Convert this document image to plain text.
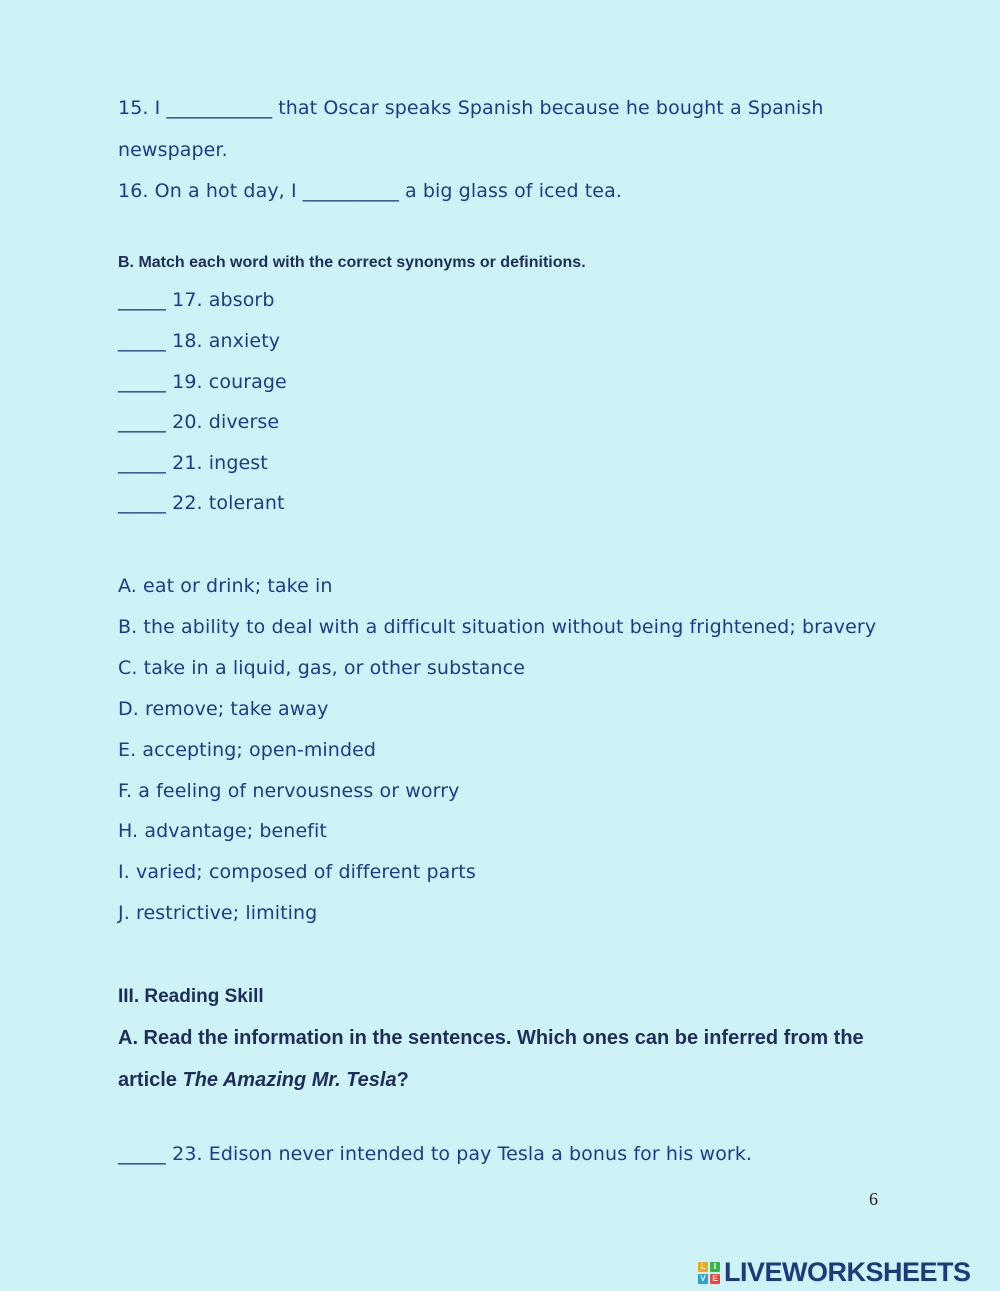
15. I ___________ that Oscar speaks Spanish because he bought a Spanish
newspaper.
16. On a hot day, I __________ a big glass of iced tea.
B. Match each word with the correct synonyms or definitions.
_____ 17. absorb
_____ 18. anxiety
_____ 19. courage
_____ 20. diverse
_____ 21. ingest
_____ 22. tolerant
A. eat or drink; take in
B. the ability to deal with a difficult situation without being frightened; bravery
C. take in a liquid, gas, or other substance
D. remove; take away
E. accepting; open-minded
F. a feeling of nervousness or worry
H. advantage; benefit
I. varied; composed of different parts
J. restrictive; limiting
III. Reading Skill
A. Read the information in the sentences. Which ones can be inferred from the
article The Amazing Mr. Tesla?
_____ 23. Edison never intended to pay Tesla a bonus for his work.
6
L	I
V E LIVEWORKSHEETS
